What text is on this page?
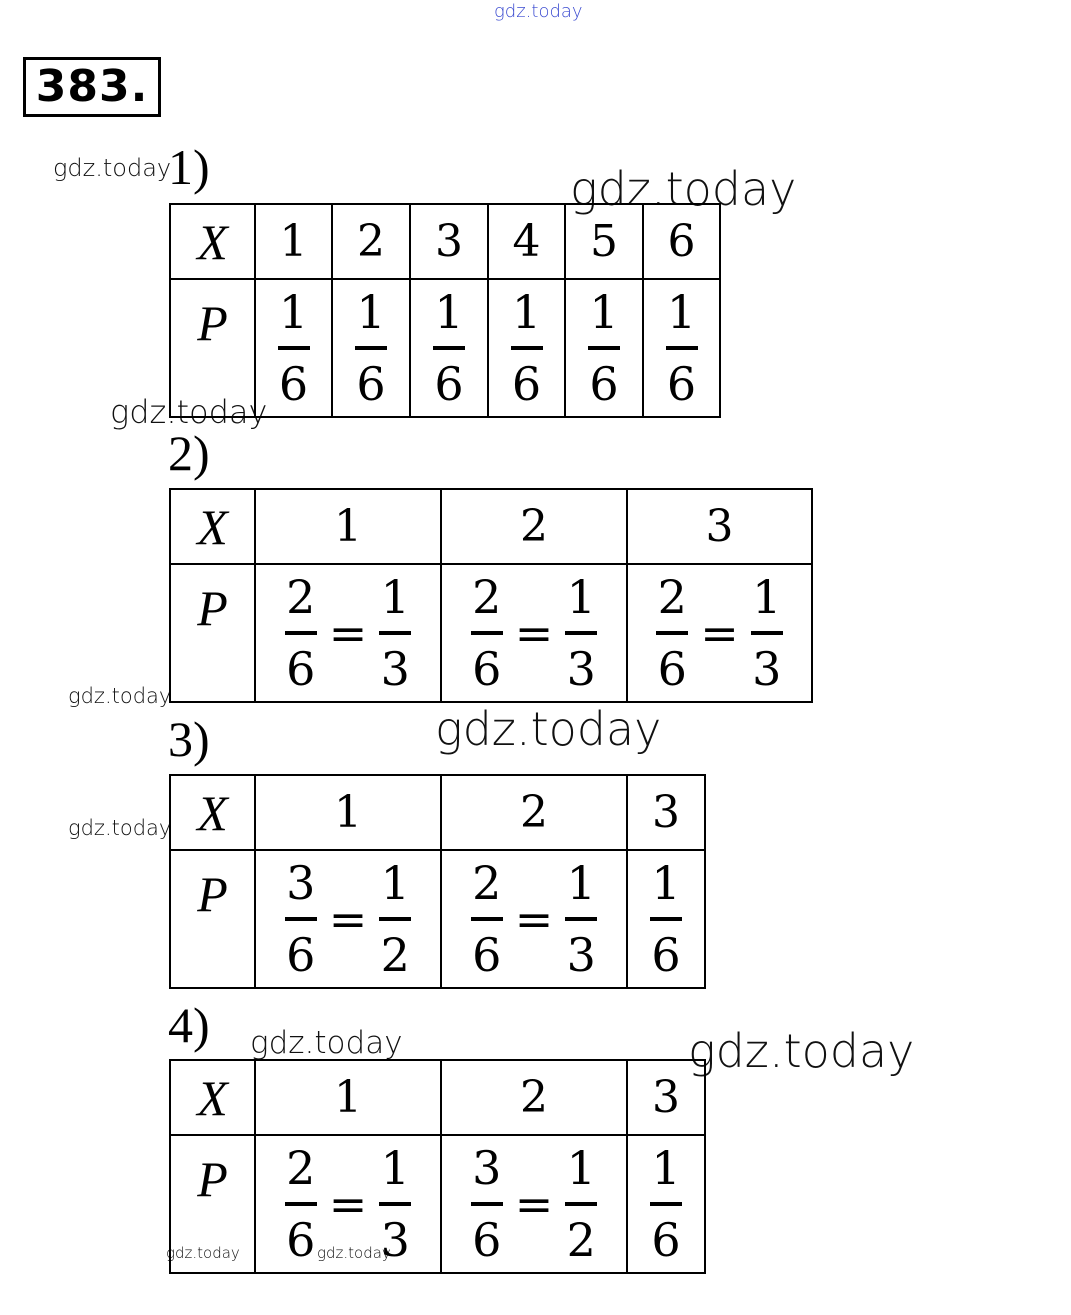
gdz.today
gdz.today	gdz.today
gdz.today
gdz.today
gdz.today
gdz.today
gdz.today	gdz.today
gdz.today	gdz.today
383.
1)
X	1	2	3	4	5	6
P	$\frac{1}{6}$	$\frac{1}{6}$	$\frac{1}{6}$	$\frac{1}{6}$	$\frac{1}{6}$	$\frac{1}{6}$
2)
X	1	2	3
P	$\frac{2}{6} = \frac{1}{3}$	$\frac{2}{6} = \frac{1}{3}$	$\frac{2}{6} = \frac{1}{3}$
3)
X	1	2	3
P	$\frac{3}{6} = \frac{1}{2}$	$\frac{2}{6} = \frac{1}{3}$	$\frac{1}{6}$
4)
X	1	2	3
P	$\frac{2}{6} = \frac{1}{3}$	$\frac{3}{6} = \frac{1}{2}$	$\frac{1}{6}$
